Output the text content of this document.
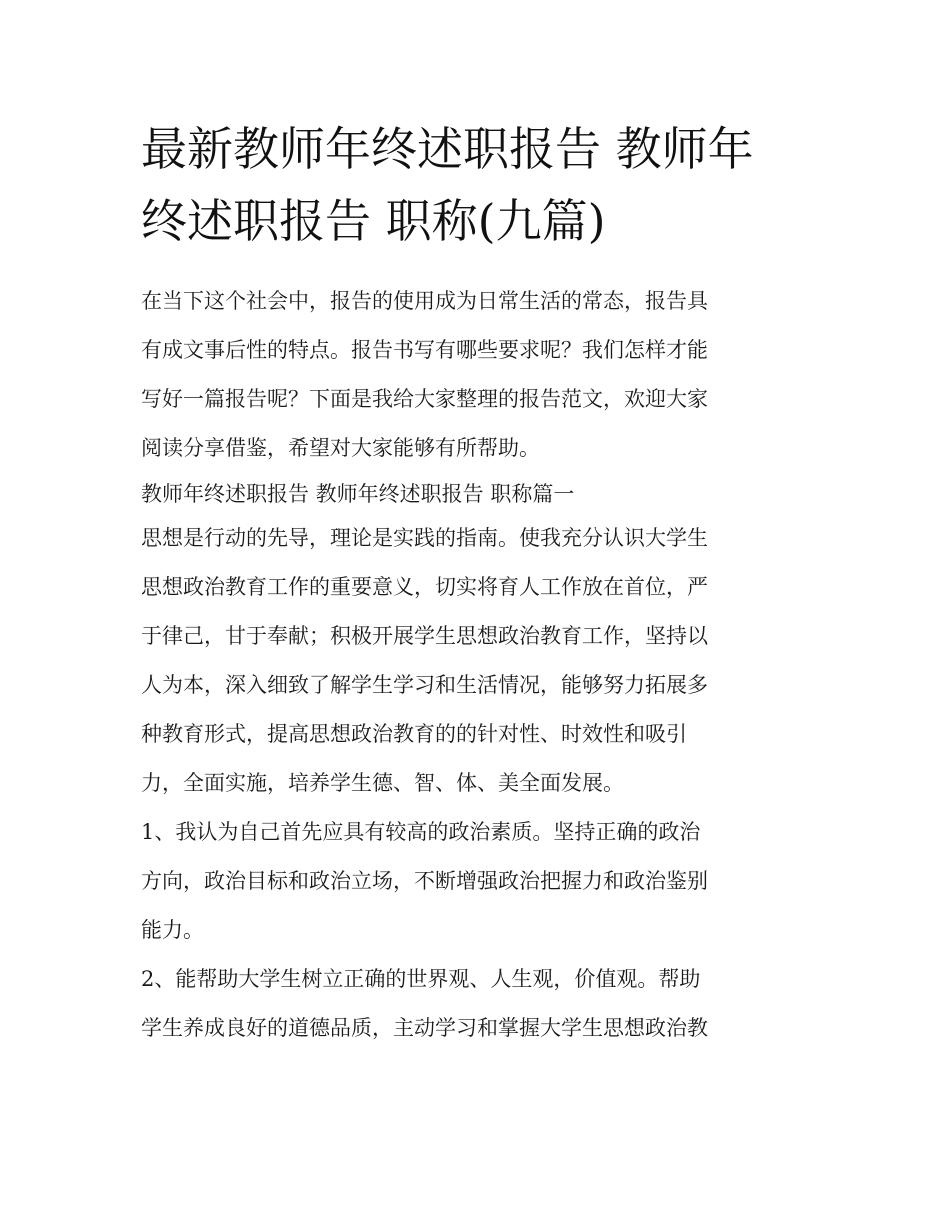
最新教师年终述职报告 教师年
终述职报告 职称(九篇)
在当下这个社会中，报告的使用成为日常生活的常态，报告具
有成文事后性的特点。报告书写有哪些要求呢？我们怎样才能
写好一篇报告呢？下面是我给大家整理的报告范文，欢迎大家
阅读分享借鉴，希望对大家能够有所帮助。
教师年终述职报告 教师年终述职报告 职称篇一
思想是行动的先导，理论是实践的指南。使我充分认识大学生
思想政治教育工作的重要意义，切实将育人工作放在首位，严
于律己，甘于奉献；积极开展学生思想政治教育工作，坚持以
人为本，深入细致了解学生学习和生活情况，能够努力拓展多
种教育形式，提高思想政治教育的的针对性、时效性和吸引
力，全面实施，培养学生德、智、体、美全面发展。
1、我认为自己首先应具有较高的政治素质。坚持正确的政治
方向，政治目标和政治立场，不断增强政治把握力和政治鉴别
能力。
2、能帮助大学生树立正确的世界观、人生观，价值观。帮助
学生养成良好的道德品质，主动学习和掌握大学生思想政治教
